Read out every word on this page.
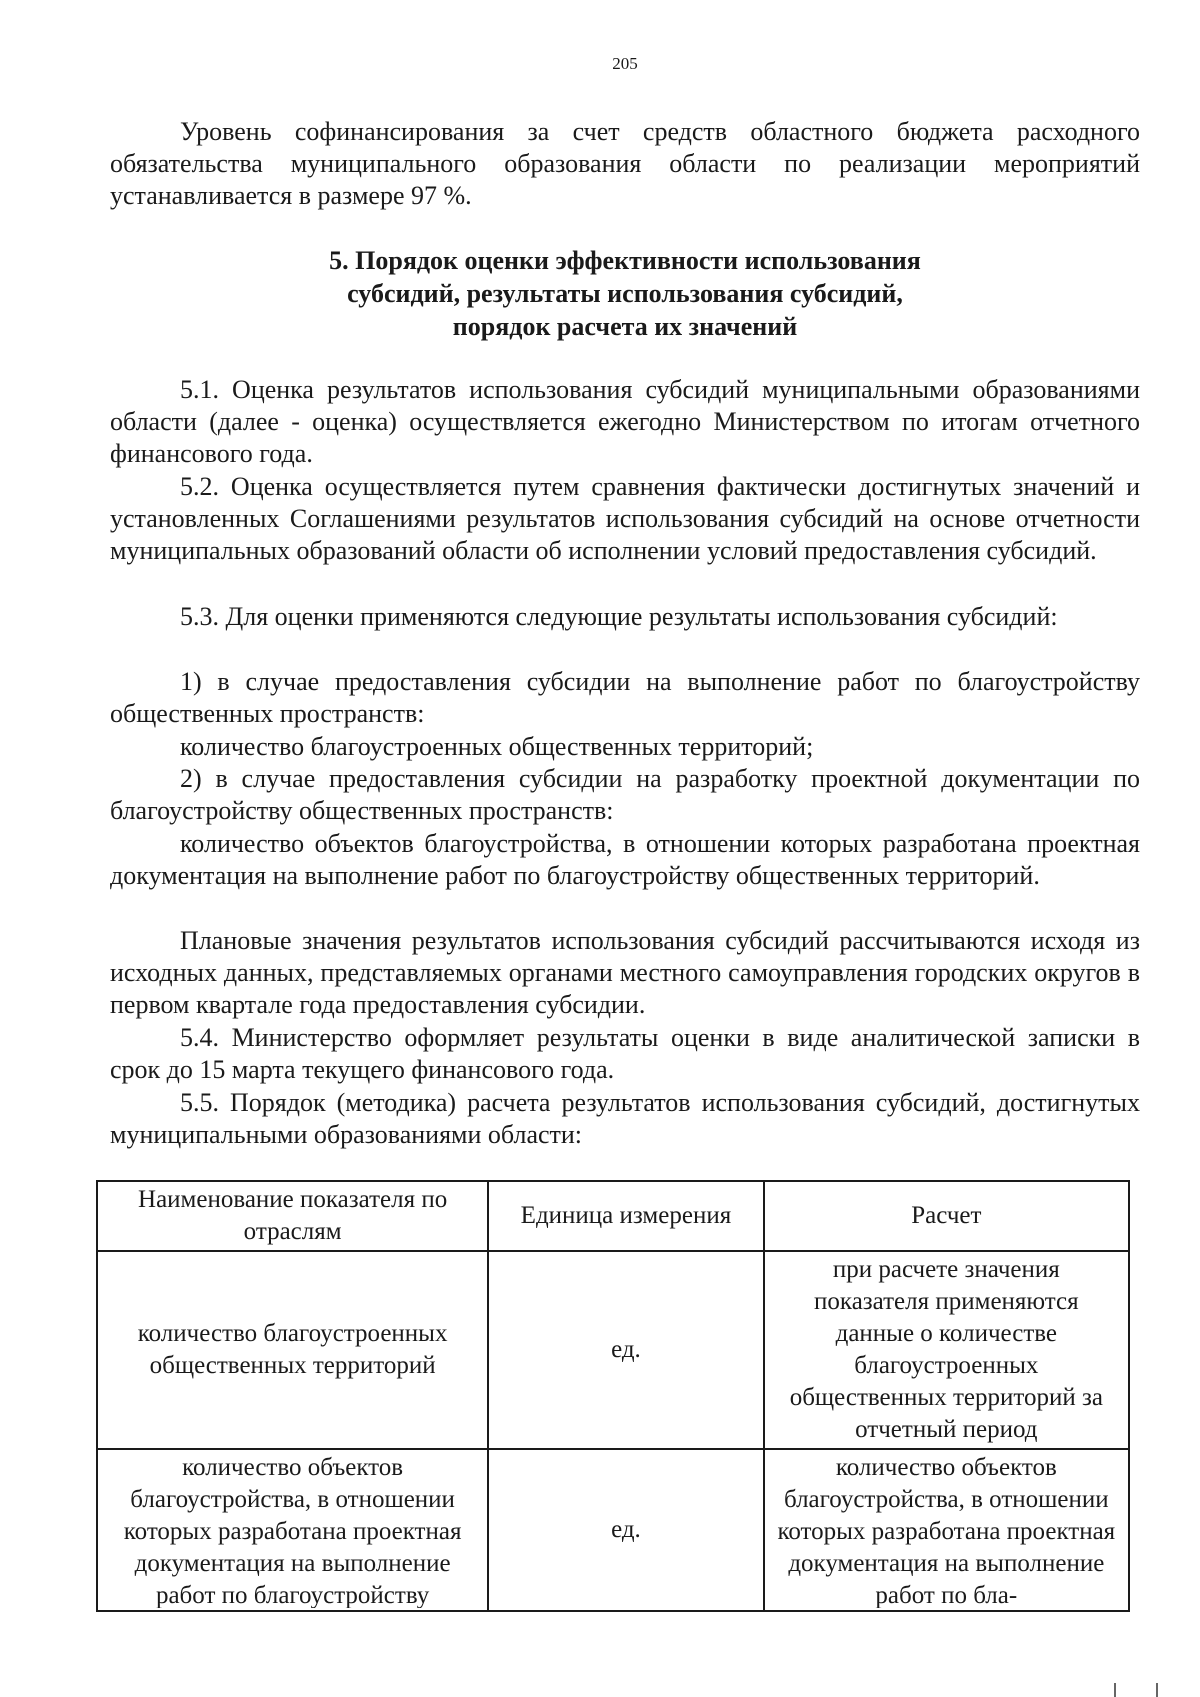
205

Уровень софинансирования за счет средств областного бюджета расходного обязательства муниципального образования области по реализации мероприятий устанавливается в размере 97 %.

5. Порядок оценки эффективности использования
субсидий, результаты использования субсидий,
порядок расчета их значений

5.1. Оценка результатов использования субсидий муниципальными образованиями области (далее - оценка) осуществляется ежегодно Министерством по итогам отчетного финансового года.

5.2. Оценка осуществляется путем сравнения фактически достигнутых значений и установленных Соглашениями результатов использования субсидий на основе отчетности муниципальных образований области об исполнении условий предоставления субсидий.

5.3. Для оценки применяются следующие результаты использования субсидий:

1) в случае предоставления субсидии на выполнение работ по благоустройству общественных пространств:

количество благоустроенных общественных территорий;

2) в случае предоставления субсидии на разработку проектной документации по благоустройству общественных пространств:

количество объектов благоустройства, в отношении которых разработана проектная документация на выполнение работ по благоустройству общественных территорий.

Плановые значения результатов использования субсидий рассчитываются исходя из исходных данных, представляемых органами местного самоуправления городских округов в первом квартале года предоставления субсидии.

5.4. Министерство оформляет результаты оценки в виде аналитической записки в срок до 15 марта текущего финансового года.

5.5. Порядок (методика) расчета результатов использования субсидий, достигнутых муниципальными образованиями области:

Наименование показателя по отраслям	Единица измерения	Расчет
количество благоустроенных общественных территорий	ед.	при расчете значения показателя применяются данные о количестве благоустроенных общественных территорий за отчетный период

количество объектов благоустройства, в отношении которых разработана проектная документация на выполнение работ по благоустройству	ед.	количество объектов благоустройства, в отношении которых разработана проектная документация на выполнение работ по бла-
